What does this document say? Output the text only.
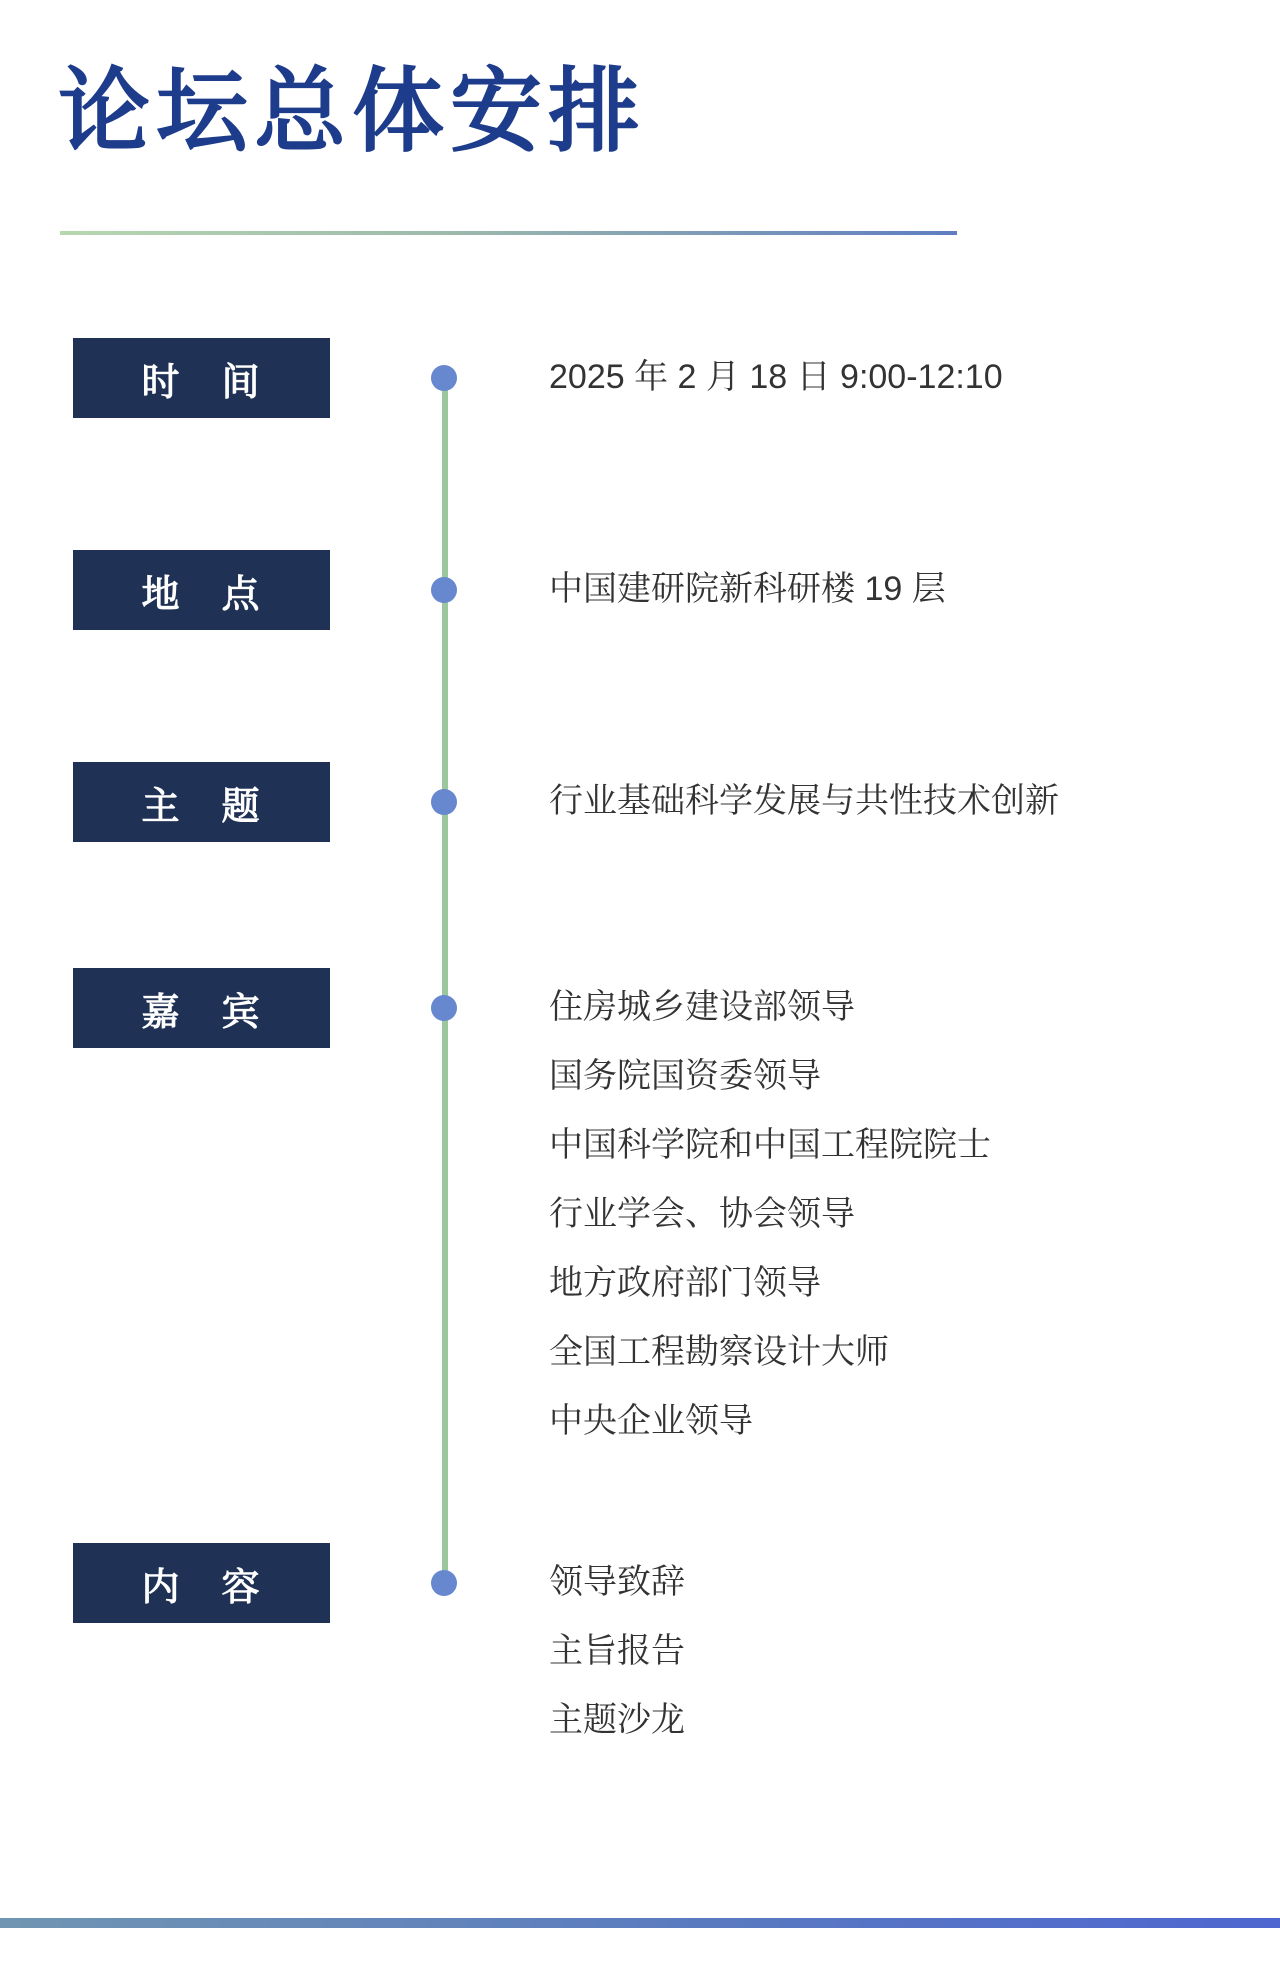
论坛总体安排
时　间
地　点
主　题
嘉　宾
内　容
2025 年 2 月 18 日 9:00-12:10
中国建研院新科研楼 19 层
行业基础科学发展与共性技术创新
住房城乡建设部领导
国务院国资委领导
中国科学院和中国工程院院士
行业学会、协会领导
地方政府部门领导
全国工程勘察设计大师
中央企业领导
领导致辞
主旨报告
主题沙龙
